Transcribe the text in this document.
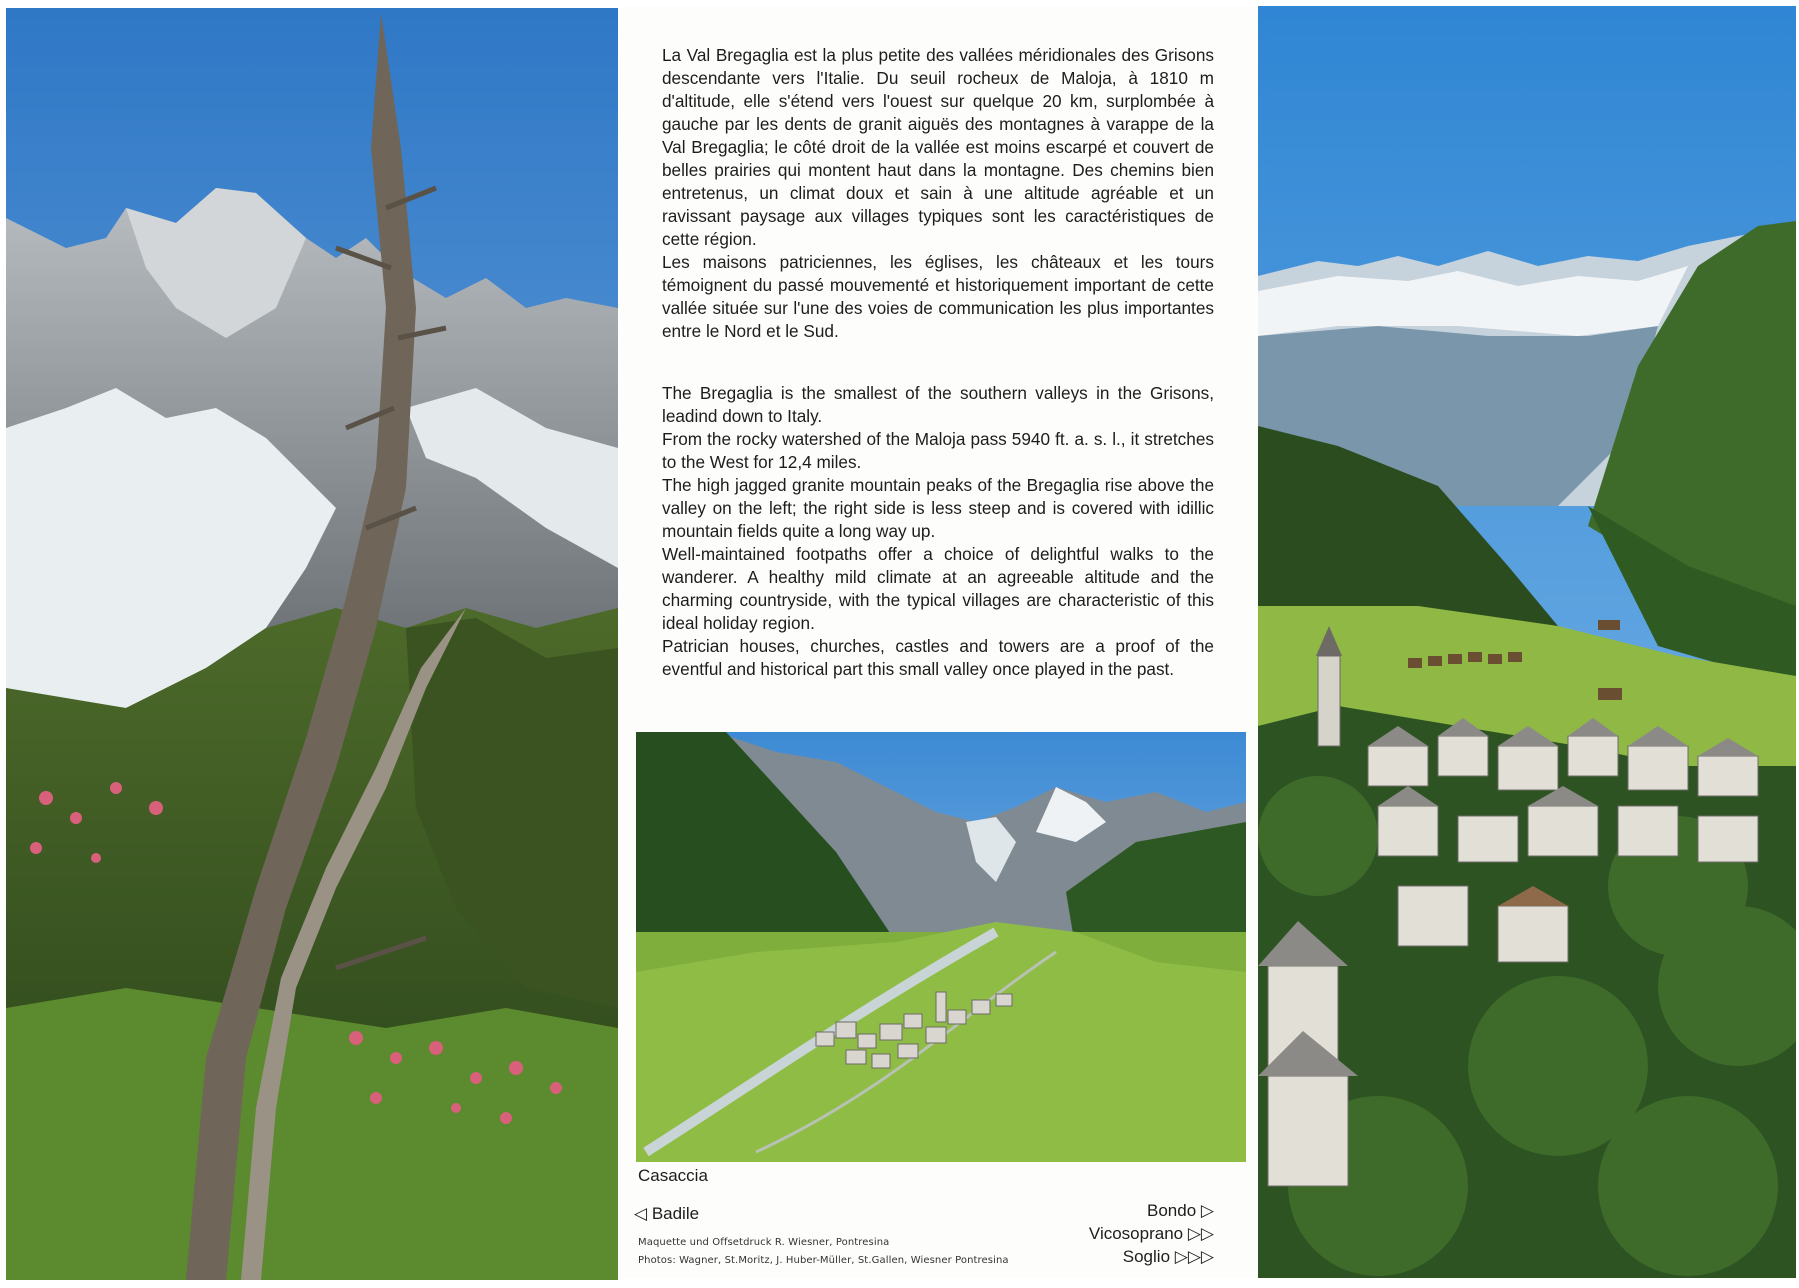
La Val Bregaglia est la plus petite des vallées méridionales des Grisons descendante vers l'Italie. Du seuil rocheux de Maloja, à 1810 m d'altitude, elle s'étend vers l'ouest sur quelque 20 km, surplombée à gauche par les dents de granit aiguës des montagnes à varappe de la Val Bregaglia; le côté droit de la vallée est moins escarpé et couvert de belles prairies qui montent haut dans la montagne. Des chemins bien entretenus, un climat doux et sain à une altitude agréable et un ravissant paysage aux villages typiques sont les caractéristiques de cette région.

Les maisons patriciennes, les églises, les châteaux et les tours témoignent du passé mouvementé et historiquement important de cette vallée située sur l'une des voies de communication les plus importantes entre le Nord et le Sud.

The Bregaglia is the smallest of the southern valleys in the Grisons, leadind down to Italy.

From the rocky watershed of the Maloja pass 5940 ft. a. s. l., it stretches to the West for 12,4 miles.

The high jagged granite mountain peaks of the Bregaglia rise above the valley on the left; the right side is less steep and is covered with idillic mountain fields quite a long way up.

Well-maintained footpaths offer a choice of delightful walks to the wanderer. A healthy mild climate at an agreeable altitude and the charming countryside, with the typical villages are characteristic of this ideal holiday region.

Patrician houses, churches, castles and towers are a proof of the eventful and historical part this small valley once played in the past.

Casaccia
◁ Badile	Bondo ▷
Vicosoprano ▷▷
Soglio ▷▷▷
Maquette und Offsetdruck R. Wiesner, Pontresina
Photos: Wagner, St.Moritz, J. Huber-Müller, St.Gallen, Wiesner Pontresina
